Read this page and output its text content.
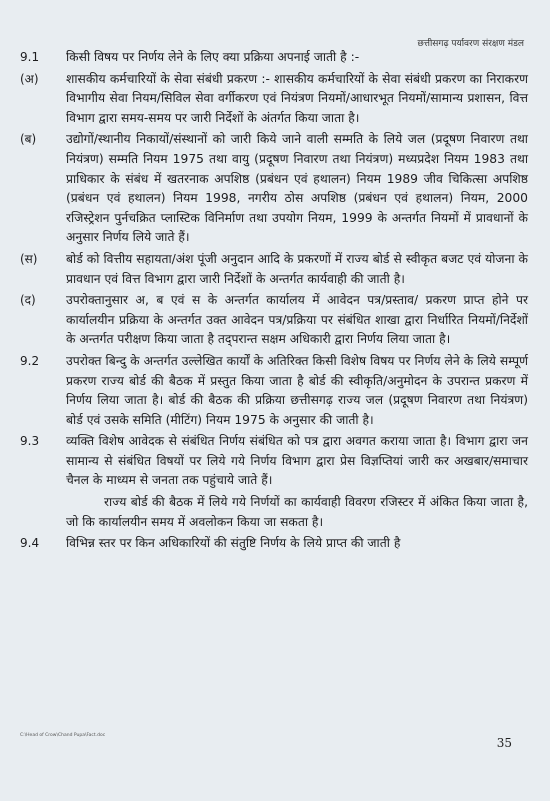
छत्तीसगढ़ पर्यावरण संरक्षण मंडल
9.1	किसी विषय पर निर्णय लेने के लिए क्या प्रक्रिया अपनाई जाती है :-
(अ)	शासकीय कर्मचारियों के सेवा संबंधी प्रकरण :- शासकीय कर्मचारियों के सेवा संबंधी प्रकरण का निराकरण विभागीय सेवा नियम/सिविल सेवा वर्गीकरण एवं नियंत्रण नियमों/आधारभूत नियमों/सामान्य प्रशासन, वित्त विभाग द्वारा समय-समय पर जारी निर्देशों के अंतर्गत किया जाता है।
(ब)	उद्योगों/स्थानीय निकायों/संस्थानों को जारी किये जाने वाली सम्मति के लिये जल (प्रदूषण निवारण तथा नियंत्रण) सम्मति नियम 1975 तथा वायु (प्रदूषण निवारण तथा नियंत्रण) मध्यप्रदेश नियम 1983 तथा प्राधिकार के संबंध में खतरनाक अपशिष्ठ (प्रबंधन एवं हथालन) नियम 1989 जीव चिकित्सा अपशिष्ठ (प्रबंधन एवं हथालन) नियम 1998, नगरीय ठोस अपशिष्ठ (प्रबंधन एवं हथालन) नियम, 2000 रजिस्ट्रेशन पुर्नचक्रित प्लास्टिक विनिर्माण तथा उपयोग नियम, 1999 के अन्तर्गत नियमों में प्रावधानों के अनुसार निर्णय लिये जाते हैं।
(स)	बोर्ड को वित्तीय सहायता/अंश पूंजी अनुदान आदि के प्रकरणों में राज्य बोर्ड से स्वीकृत बजट एवं योजना के प्रावधान एवं वित्त विभाग द्वारा जारी निर्देशों के अन्तर्गत कार्यवाही की जाती है।
(द)	उपरोक्तानुसार अ, ब एवं स के अन्तर्गत कार्यालय में आवेदन पत्र/प्रस्ताव/ प्रकरण प्राप्त होने पर कार्यालयीन प्रक्रिया के अन्तर्गत उक्त आवेदन पत्र/प्रक्रिया पर संबंधित शाखा द्वारा निर्धारित नियमों/निर्देशों के अन्तर्गत परीक्षण किया जाता है तद्परान्त सक्षम अधिकारी द्वारा निर्णय लिया जाता है।
9.2	उपरोक्त बिन्दु के अन्तर्गत उल्लेखित कार्यों के अतिरिक्त किसी विशेष विषय पर निर्णय लेने के लिये सम्पूर्ण प्रकरण राज्य बोर्ड की बैठक में प्रस्तुत किया जाता है बोर्ड की स्वीकृति/अनुमोदन के उपरान्त प्रकरण में निर्णय लिया जाता है। बोर्ड की बैठक की प्रक्रिया छत्तीसगढ़ राज्य जल (प्रदूषण निवारण तथा नियंत्रण) बोर्ड एवं उसके समिति (मीटिंग) नियम 1975 के अनुसार की जाती है।
9.3	व्यक्ति विशेष आवेदक से संबंधित निर्णय संबंधित को पत्र द्वारा अवगत कराया जाता है। विभाग द्वारा जन सामान्य से संबंधित विषयों पर लिये गये निर्णय विभाग द्वारा प्रेस विज्ञप्तियां जारी कर अखबार/समाचार चैनल के माध्यम से जनता तक पहुंचाये जाते हैं।
राज्य बोर्ड की बैठक में लिये गये निर्णयों का कार्यवाही विवरण रजिस्टर में अंकित किया जाता है, जो कि कार्यालयीन समय में अवलोकन किया जा सकता है।
9.4	विभिन्न स्तर पर किन अधिकारियों की संतुष्टि निर्णय के लिये प्राप्त की जाती है
C:\Head of Crow\Chand Pupa\Fact.doc
35
